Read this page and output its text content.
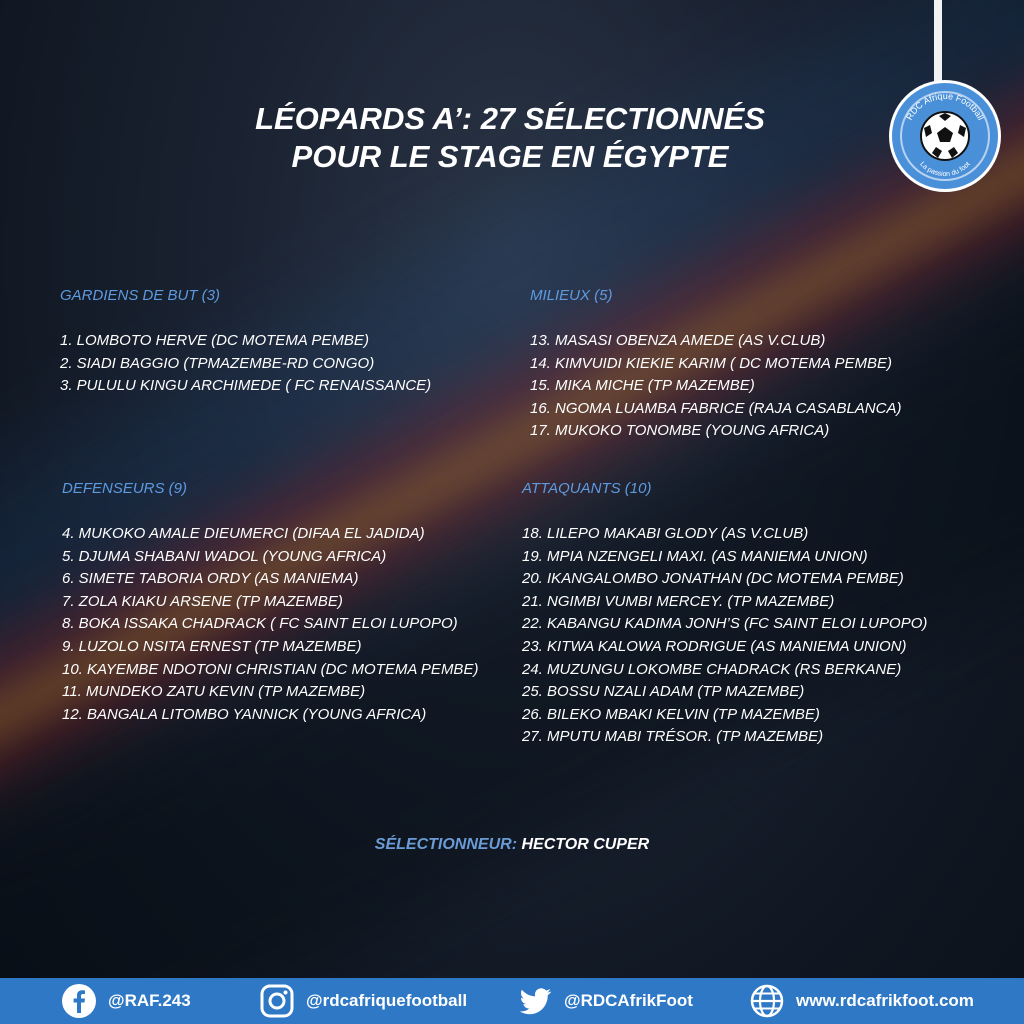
RDC Afrique Football
La passion du foot
LÉOPARDS A’: 27 SÉLECTIONNÉS
POUR LE STAGE EN ÉGYPTE
GARDIENS DE BUT (3)
1. LOMBOTO HERVE (DC MOTEMA PEMBE)
2. SIADI BAGGIO (TPMAZEMBE-RD CONGO)
3. PULULU KINGU ARCHIMEDE ( FC RENAISSANCE)
MILIEUX (5)
13. MASASI OBENZA AMEDE (AS V.CLUB)
14. KIMVUIDI KIEKIE KARIM ( DC MOTEMA PEMBE)
15. MIKA MICHE (TP MAZEMBE)
16. NGOMA LUAMBA FABRICE (RAJA CASABLANCA)
17. MUKOKO TONOMBE (YOUNG AFRICA)
DEFENSEURS (9)
4. MUKOKO AMALE DIEUMERCI (DIFAA EL JADIDA)
5. DJUMA SHABANI WADOL (YOUNG AFRICA)
6. SIMETE TABORIA ORDY (AS MANIEMA)
7. ZOLA KIAKU ARSENE (TP MAZEMBE)
8. BOKA ISSAKA CHADRACK ( FC SAINT ELOI LUPOPO)
9. LUZOLO NSITA ERNEST (TP MAZEMBE)
10. KAYEMBE NDOTONI CHRISTIAN (DC MOTEMA PEMBE)
11. MUNDEKO ZATU KEVIN (TP MAZEMBE)
12. BANGALA LITOMBO YANNICK (YOUNG AFRICA)
ATTAQUANTS (10)
18. LILEPO MAKABI GLODY (AS V.CLUB)
19. MPIA NZENGELI MAXI. (AS MANIEMA UNION)
20. IKANGALOMBO JONATHAN (DC MOTEMA PEMBE)
21. NGIMBI VUMBI MERCEY. (TP MAZEMBE)
22. KABANGU KADIMA JONH’S (FC SAINT ELOI LUPOPO)
23. KITWA KALOWA RODRIGUE (AS MANIEMA UNION)
24. MUZUNGU LOKOMBE CHADRACK (RS BERKANE)
25. BOSSU NZALI ADAM (TP MAZEMBE)
26. BILEKO MBAKI KELVIN (TP MAZEMBE)
27. MPUTU MABI TRÉSOR. (TP MAZEMBE)
SÉLECTIONNEUR: HECTOR CUPER
@RAF.243	@rdcafriquefootball	@RDCAfrikFoot	www.rdcafrikfoot.com
